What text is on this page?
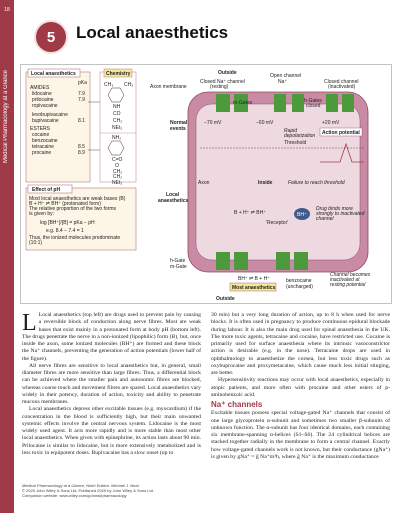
18
Medical Pharmacology at a Glance
5	Local anaesthetics
Local anaesthetics
pKa
AMIDES
lidocaine	7.9
prilocaine	7.9
ropivacaine
levobupivacaine
bupivacaine	8.1
ESTERS
cocaine
benzocaine
tetracaine	8.5
procaine	8.9
Chemistry
CH₃ CH₃
NH
CO
CH₂
NEt₂
NH₂
C=O
O
CH₂
CH₂
NEt₂
Effect of pH
Most local anaesthetics are weak bases (B)
B + H⁺ ⇌ BH⁺ (protonated form)
The relative proportion of the two forms
is given by:
log [BH⁺]/[B] = pKa − pH
e.g. 8.4 − 7.4 = 1
Thus, the ionized molecules predominate
(10:1)
Outside
Axon membrane
Closed Na⁺ channel
(resting)
Open channel
Na⁺	Closed channel
(inactivated)
m-Gates	h-Gates
closed
Normal
events
−70 mV	−60 mV	+20 mV
Rapid
depolarization
Threshold
Action potential
Axon	Inside	Failure to reach threshold
Local
anaesthetics
B + H⁺ ⇌ BH⁺
'Receptor'
BH⁺
Drug binds more
strongly to inactivated
channel
h-Gate
m-Gate
BH⁺ ⇌ B + H⁺
Most anaesthetics
benzocaine
(uncharged)
Channel becomes
inactivated at
resting potential
Outside

L Local anaesthetics (top left) are drugs used to prevent pain by causing a reversible block of conduction along nerve fibres. Most are weak bases that exist mainly in a protonated form at body pH (bottom left). The drugs penetrate the nerve in a non-ionized (lipophilic) form (B), but, once inside the axon, some ionized molecules (BH⁺) are formed and these block the Na⁺ channels, preventing the generation of action potentials (lower half of the figure).

All nerve fibres are sensitive to local anaesthetics but, in general, small diameter fibres are more sensitive than large fibres. Thus, a differential block can be achieved where the smaller pain and autonomic fibres are blocked, whereas coarse touch and movement fibres are spared. Local anaesthetics vary widely in their potency, duration of action, toxicity and ability to penetrate mucous membranes.

Local anaesthetics depress other excitable tissues (e.g. myocardium) if the concentration in the blood is sufficiently high, but their main unwanted systemic effects involve the central nervous system. Lidocaine is the most widely used agent. It acts more rapidly and is more stable than most other local anaesthetics. When given with epinephrine, its action lasts about 90 min. Prilocaine is similar to lidocaine, but is more extensively metabolized and is less toxic in equipotent doses. Bupivacaine has a slow onset (up to

30 min) but a very long duration of action, up to 8 h when used for nerve blocks. It is often used in pregnancy to produce continuous epidural blockade during labour. It is also the main drug used for spinal anaesthesia in the UK. The more toxic agents, tetracaine and cocaine, have restricted use. Cocaine is primarily used for surface anaesthesia where its intrinsic vasoconstrictor action is desirable (e.g. in the nose). Tetracaine drops are used in ophthalmology to anaesthetize the cornea, but less toxic drugs such as oxybuprocaine and proxymetacaine, which cause much less initial stinging, are better.

Hypersensitivity reactions may occur with local anaesthetics, especially in atopic patients, and more often with procaine and other esters of p-aminobenzoic acid.

Na⁺ channels

Excitable tissues possess special voltage-gated Na⁺ channels that consist of one large glycoprotein α-subunit and sometimes two smaller β-subunits of unknown function. The α-subunit has four identical domains, each containing six membrane-spanning α-helices (S1–S6). The 24 cylindrical helices are stacked together radially in the membrane to form a central channel. Exactly how voltage-gated channels work is not known, but their conductance (gNa⁺) is given by gNa⁺ = ḡ Na⁺m³h, where ḡ Na⁺ is the maximum conductance

Medical Pharmacology at a Glance, Ninth Edition. Michael J. Neal.
© 2020 John Wiley & Sons Ltd. Published 2020 by John Wiley & Sons Ltd.
Companion website: www.wiley.com/go/neal/pharmacology
